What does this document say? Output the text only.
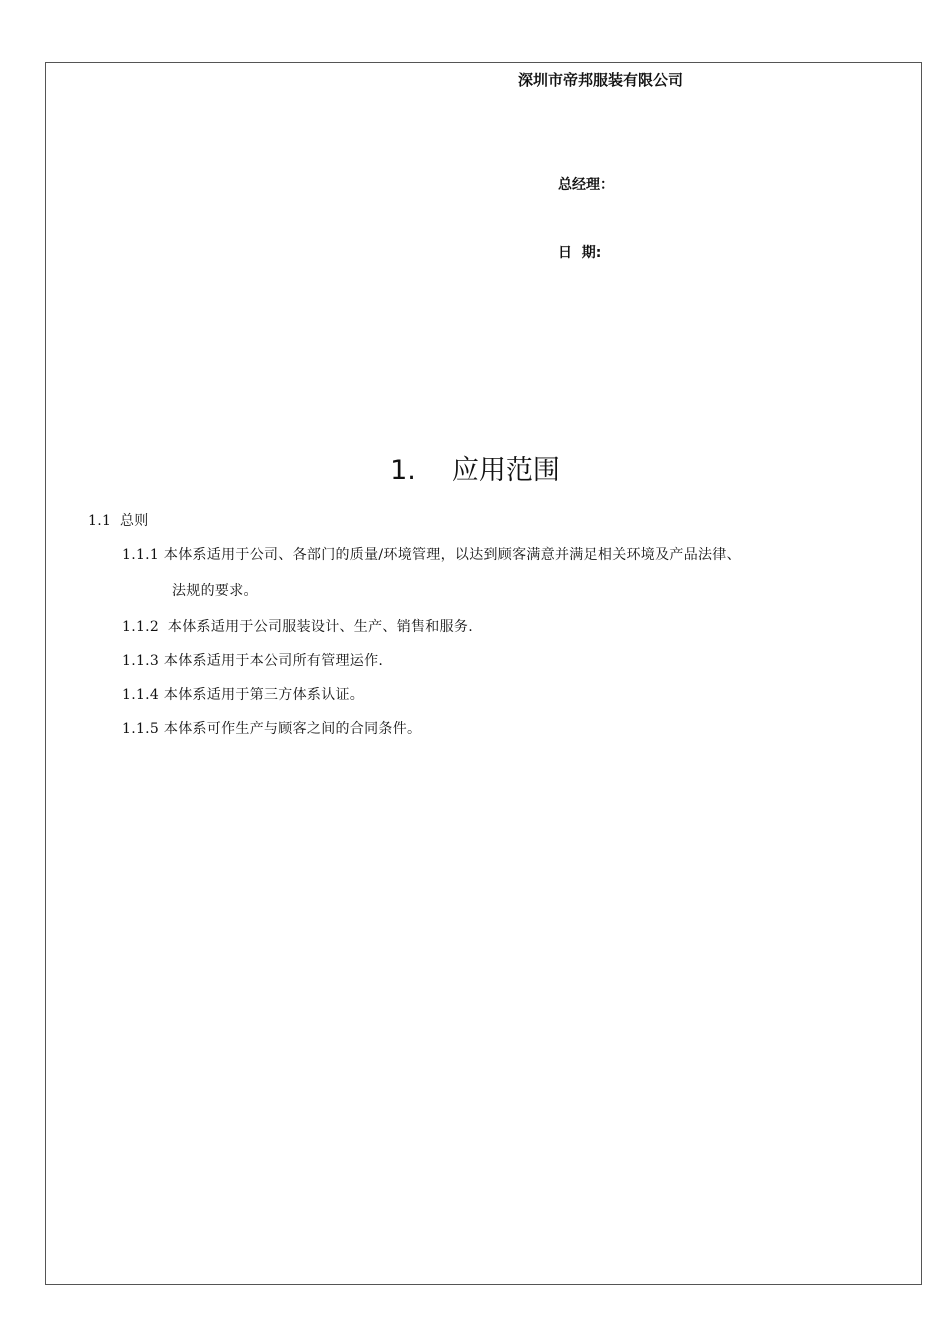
深圳市帝邦服装有限公司
总经理：
日  期:
1. 应用范围
1.1 总则
1.1.1 本体系适用于公司、各部门的质量/环境管理，以达到顾客满意并满足相关环境及产品法律、
法规的要求。
1.1.2 本体系适用于公司服装设计、生产、销售和服务.
1.1.3 本体系适用于本公司所有管理运作.
1.1.4 本体系适用于第三方体系认证。
1.1.5 本体系可作生产与顾客之间的合同条件。
